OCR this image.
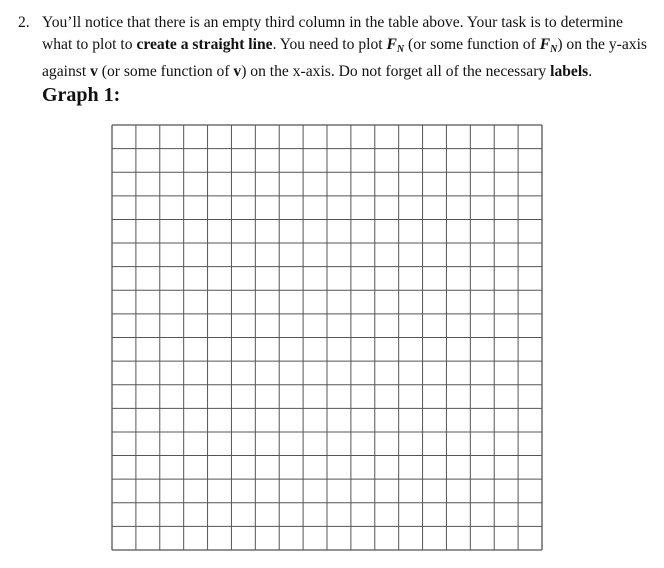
2. You’ll notice that there is an empty third column in the table above. Your task is to determine
what to plot to create a straight line. You need to plot $F_N$ (or some function of $F_N$) on the y-axis
against v (or some function of v) on the x-axis. Do not forget all of the necessary labels.
Graph 1:
